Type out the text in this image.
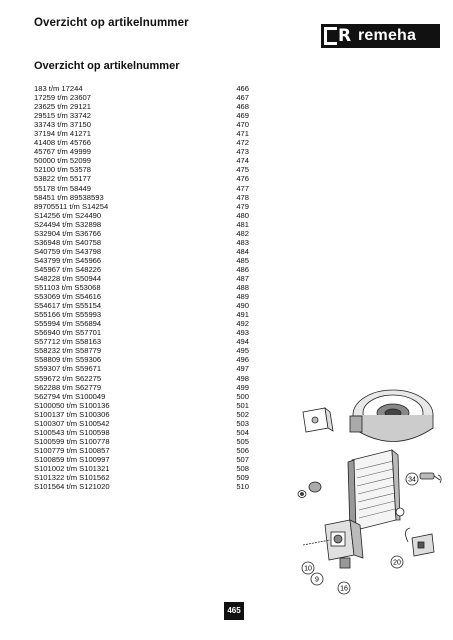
Overzicht op artikelnummer
R remeha
Overzicht op artikelnummer
183 t/m 17244	466
17259 t/m 23607	467
23625 t/m 29121	468
29515 t/m 33742	469
33743 t/m 37150	470
37194 t/m 41271	471
41408 t/m 45766	472
45767 t/m 49999	473
50000 t/m 52099	474
52100 t/m 53578	475
53822 t/m 55177	476
55178 t/m 58449	477
58451 t/m 89538593	478
89705511 t/m S14254	479
S14256 t/m S24490	480
S24494 t/m S32898	481
S32904 t/m S36766	482
S36948 t/m S40758	483
S40759 t/m S43798	484
S43799 t/m S45966	485
S45967 t/m S48226	486
S48228 t/m S50944	487
S51103 t/m S53068	488
S53069 t/m S54616	489
S54617 t/m S55154	490
S55166 t/m S55993	491
S55994 t/m S56894	492
S56940 t/m S57701	493
S57712 t/m S58163	494
S58232 t/m S58779	495
S58809 t/m S59306	496
S59307 t/m S59671	497
S59672 t/m S62275	498
S62288 t/m S62779	499
S62794 t/m S100049	500
S100050 t/m S100136	501
S100137 t/m S100306	502
S100307 t/m S100542	503
S100543 t/m S100598	504
S100599 t/m S100778	505
S100779 t/m S100857	506
S100859 t/m S100997	507
S101002 t/m S101321	508
S101322 t/m S101562	509
S101564 t/m S121020	510
34
10
9
16
20
465
